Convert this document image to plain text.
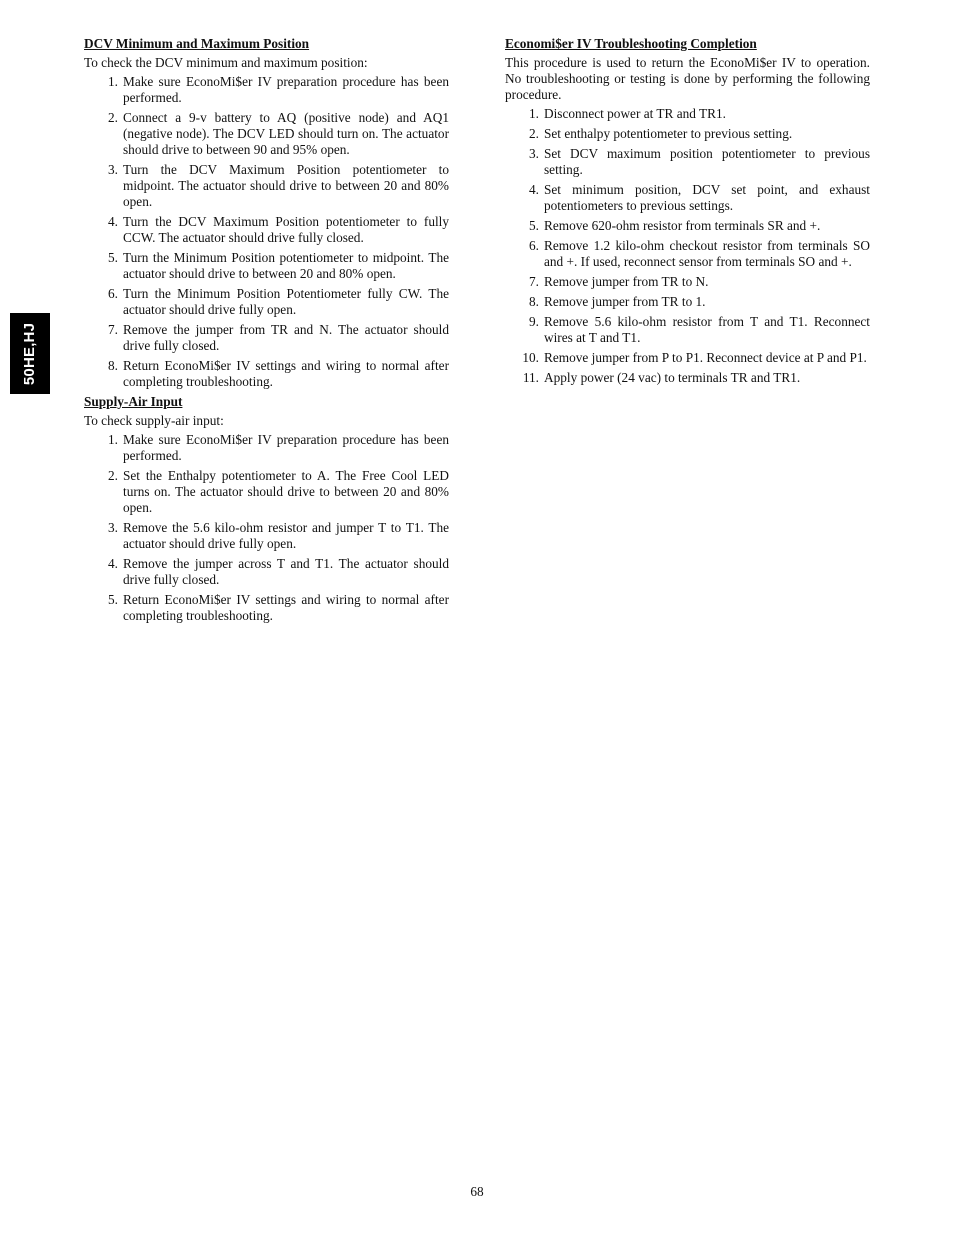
50HE,HJ
DCV Minimum and Maximum Position

To check the DCV minimum and maximum position:

1. Make sure EconoMi$er IV preparation procedure has been performed.
2. Connect a 9-v battery to AQ (positive node) and AQ1 (negative node). The DCV LED should turn on. The actuator should drive to between 90 and 95% open.
3. Turn the DCV Maximum Position potentiometer to midpoint. The actuator should drive to between 20 and 80% open.
4. Turn the DCV Maximum Position potentiometer to fully CCW. The actuator should drive fully closed.
5. Turn the Minimum Position potentiometer to midpoint. The actuator should drive to between 20 and 80% open.
6. Turn the Minimum Position Potentiometer fully CW. The actuator should drive fully open.
7. Remove the jumper from TR and N. The actuator should drive fully closed.
8. Return EconoMi$er IV settings and wiring to normal after completing troubleshooting.
Supply-Air Input

To check supply-air input:

1. Make sure EconoMi$er IV preparation procedure has been performed.
2. Set the Enthalpy potentiometer to A. The Free Cool LED turns on. The actuator should drive to between 20 and 80% open.
3. Remove the 5.6 kilo-ohm resistor and jumper T to T1. The actuator should drive fully open.
4. Remove the jumper across T and T1. The actuator should drive fully closed.
5. Return EconoMi$er IV settings and wiring to normal after completing troubleshooting.
Economi$er IV Troubleshooting Completion

This procedure is used to return the EconoMi$er IV to operation. No troubleshooting or testing is done by performing the following procedure.

1. Disconnect power at TR and TR1.
2. Set enthalpy potentiometer to previous setting.
3. Set DCV maximum position potentiometer to previous setting.
4. Set minimum position, DCV set point, and exhaust potentiometers to previous settings.
5. Remove 620-ohm resistor from terminals SR and +.
6. Remove 1.2 kilo-ohm checkout resistor from terminals SO and +. If used, reconnect sensor from terminals SO and +.
7. Remove jumper from TR to N.
8. Remove jumper from TR to 1.
9. Remove 5.6 kilo-ohm resistor from T and T1. Reconnect wires at T and T1.
10. Remove jumper from P to P1. Reconnect device at P and P1.
11. Apply power (24 vac) to terminals TR and TR1.
68
